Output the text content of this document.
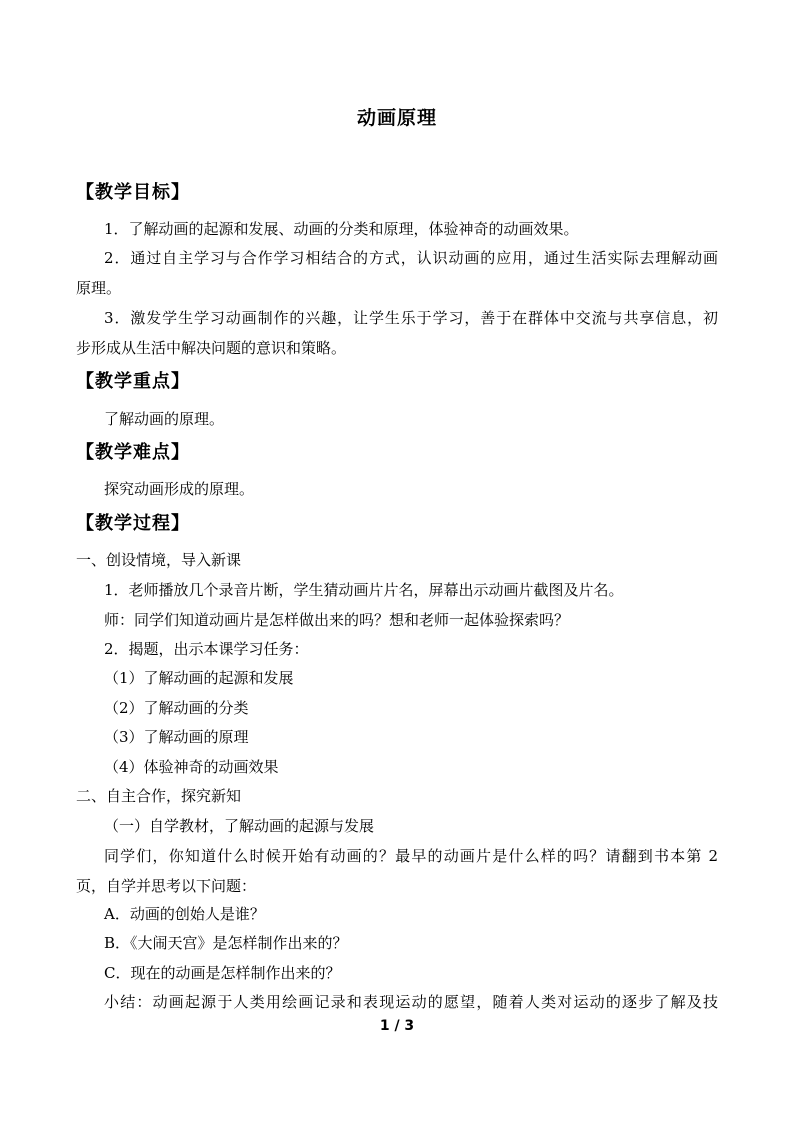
动画原理
【教学目标】
1．了解动画的起源和发展、动画的分类和原理，体验神奇的动画效果。
2．通过自主学习与合作学习相结合的方式，认识动画的应用，通过生活实际去理解动画
原理。
3．激发学生学习动画制作的兴趣，让学生乐于学习，善于在群体中交流与共享信息，初
步形成从生活中解决问题的意识和策略。
【教学重点】
了解动画的原理。
【教学难点】
探究动画形成的原理。
【教学过程】
一、创设情境，导入新课
1．老师播放几个录音片断，学生猜动画片片名，屏幕出示动画片截图及片名。
师：同学们知道动画片是怎样做出来的吗？想和老师一起体验探索吗？
2．揭题，出示本课学习任务：
（1）了解动画的起源和发展
（2）了解动画的分类
（3）了解动画的原理
（4）体验神奇的动画效果
二、自主合作，探究新知
（一）自学教材，了解动画的起源与发展
同学们，你知道什么时候开始有动画的？最早的动画片是什么样的吗？请翻到书本第 2
页，自学并思考以下问题：
A．动画的创始人是谁？
B．《大闹天宫》是怎样制作出来的？
C．现在的动画是怎样制作出来的？
小结：动画起源于人类用绘画记录和表现运动的愿望，随着人类对运动的逐步了解及技
1 / 3
